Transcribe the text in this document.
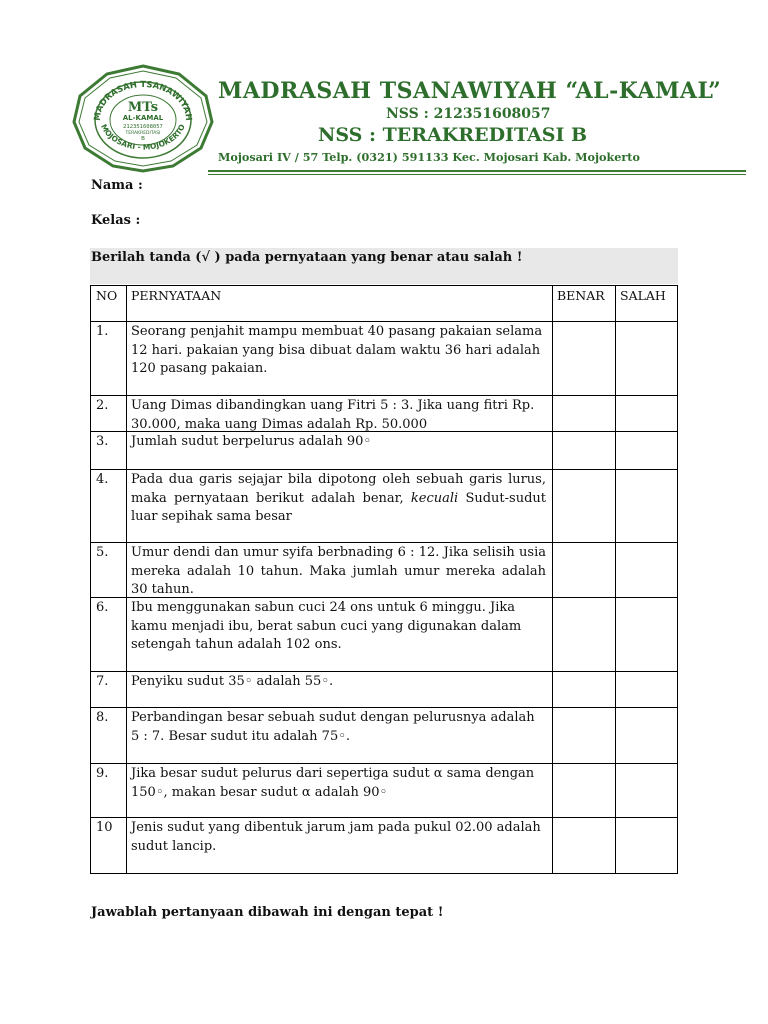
MADRASAH TSANAWIYAH
MOJOSARI - MOJOKERTO
MTs
AL-KAMAL
212351608057
TERAKREDITASI
B
MADRASAH TSANAWIYAH “AL-KAMAL”
NSS : 212351608057
NSS : TERAKREDITASI B
Mojosari IV / 57 Telp. (0321) 591133 Kec. Mojosari Kab. Mojokerto
Nama :
Kelas :
Berilah tanda (√ ) pada pernyataan yang benar atau salah !
NO PERNYATAAN	BENAR SALAH
1. Seorang penjahit mampu membuat 40 pasang pakaian selama 12 hari. pakaian yang bisa dibuat dalam waktu 36 hari adalah 120 pasang pakaian.
2. Uang Dimas dibandingkan uang Fitri 5 : 3. Jika uang fitri Rp. 30.000, maka uang Dimas adalah Rp. 50.000
3. Jumlah sudut berpelurus adalah 90◦
4. Pada dua garis sejajar bila dipotong oleh sebuah garis lurus, maka pernyataan berikut adalah benar, kecuali Sudut-sudut luar sepihak sama besar
5. Umur dendi dan umur syifa berbnading 6 : 12. Jika selisih usia mereka adalah 10 tahun. Maka jumlah umur mereka adalah 30 tahun.
6. Ibu menggunakan sabun cuci 24 ons untuk 6 minggu. Jika kamu menjadi ibu, berat sabun cuci yang digunakan dalam setengah tahun adalah 102 ons.
7. Penyiku sudut 35◦ adalah 55◦.
8. Perbandingan besar sebuah sudut dengan pelurusnya adalah 5 : 7. Besar sudut itu adalah 75◦.
9. Jika besar sudut pelurus dari sepertiga sudut α sama dengan 150◦, makan besar sudut α adalah 90◦
10 Jenis sudut yang dibentuk jarum jam pada pukul 02.00 adalah sudut lancip.
Jawablah pertanyaan dibawah ini dengan tepat !
